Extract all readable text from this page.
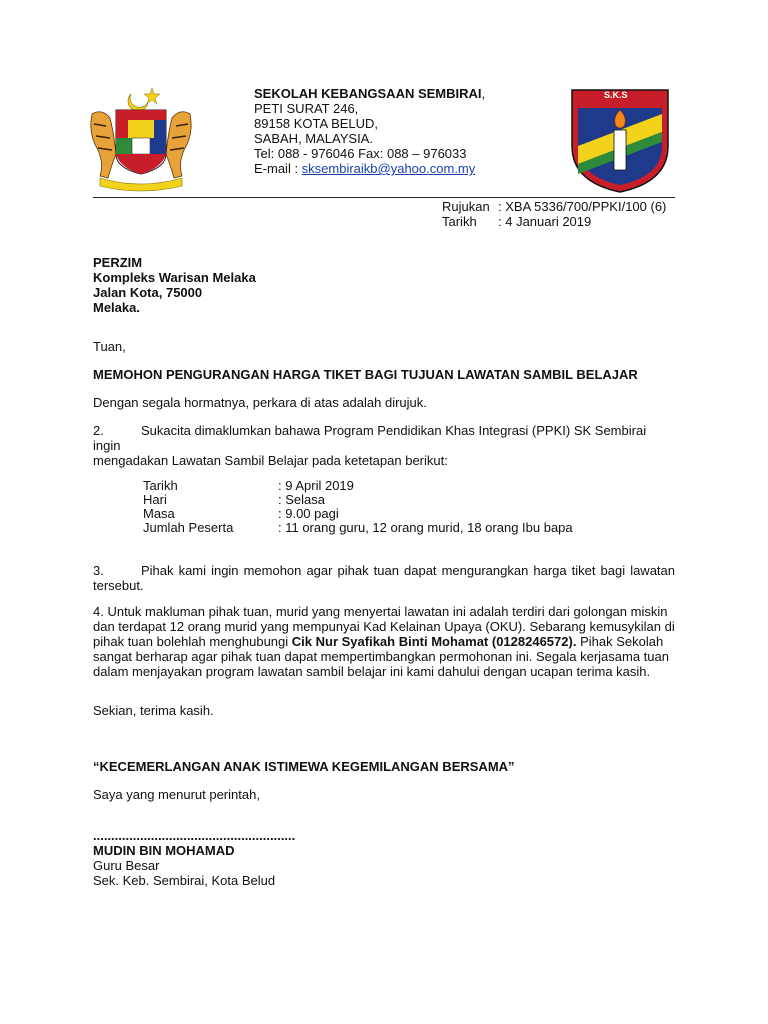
SEKOLAH KEBANGSAAN SEMBIRAI,
PETI SURAT 246,
89158 KOTA BELUD,
SABAH, MALAYSIA.
Tel: 088 - 976046 Fax: 088 – 976033
E-mail : sksembiraikb@yahoo.com.my
S.K.S
Rujukan : XBA 5336/700/PPKI/100 (6)
Tarikh : 4 Januari 2019
PERZIM
Kompleks Warisan Melaka
Jalan Kota, 75000
Melaka.
Tuan,
MEMOHON PENGURANGAN HARGA TIKET BAGI TUJUAN LAWATAN SAMBIL BELAJAR
Dengan segala hormatnya, perkara di atas adalah dirujuk.
2.	Sukacita dimaklumkan bahawa Program Pendidikan Khas Integrasi (PPKI) SK Sembirai ingin
mengadakan Lawatan Sambil Belajar pada ketetapan berikut:
Tarikh	: 9 April 2019
Hari	: Selasa
Masa	: 9.00 pagi
Jumlah Peserta	: 11 orang guru, 12 orang murid, 18 orang Ibu bapa
3.	Pihak kami ingin memohon agar pihak tuan dapat mengurangkan harga tiket bagi lawatan
tersebut.
4. Untuk makluman pihak tuan, murid yang menyertai lawatan ini adalah terdiri dari golongan miskin
dan terdapat 12 orang murid yang mempunyai Kad Kelainan Upaya (OKU). Sebarang kemusykilan di
pihak tuan bolehlah menghubungi Cik Nur Syafikah Binti Mohamat (0128246572). Pihak Sekolah
sangat berharap agar pihak tuan dapat mempertimbangkan permohonan ini. Segala kerjasama tuan
dalam menjayakan program lawatan sambil belajar ini kami dahului dengan ucapan terima kasih.
Sekian, terima kasih.
“KECEMERLANGAN ANAK ISTIMEWA KEGEMILANGAN BERSAMA”
Saya yang menurut perintah,
........................................................
MUDIN BIN MOHAMAD
Guru Besar
Sek. Keb. Sembirai, Kota Belud
